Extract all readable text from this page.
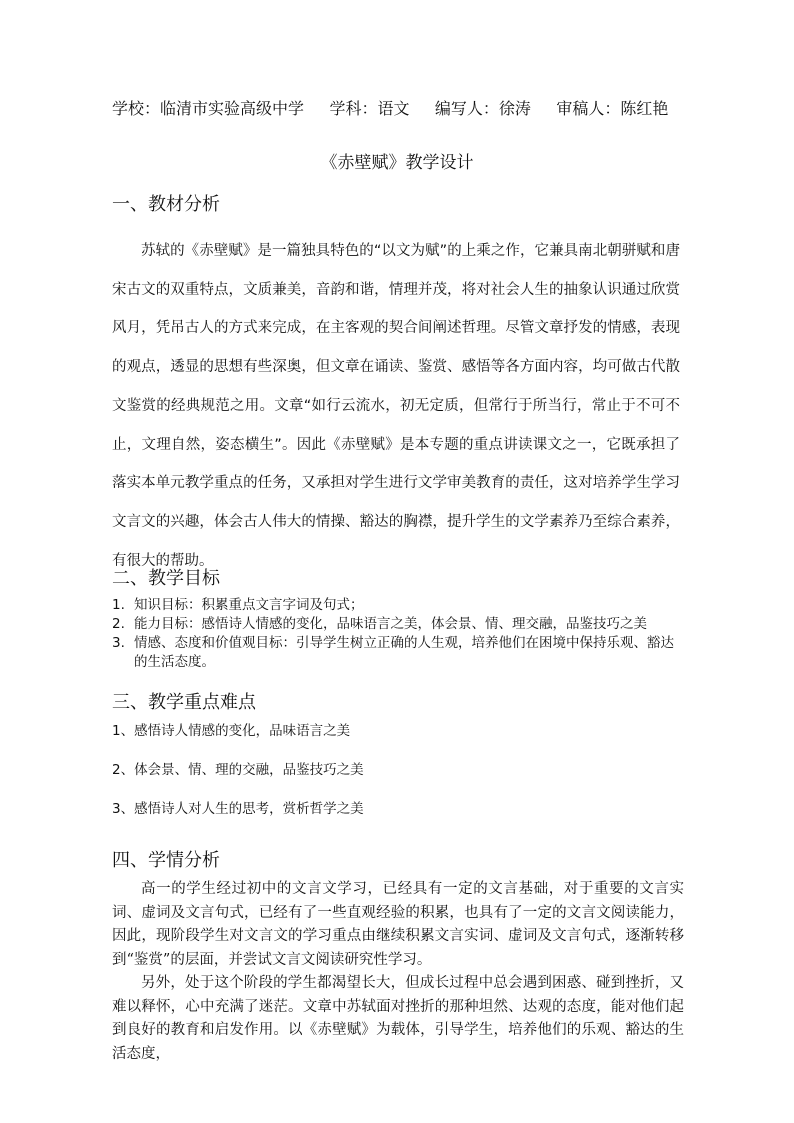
学校：临清市实验高级中学 学科：语文 编写人：徐涛 审稿人：陈红艳
《赤壁赋》教学设计
一、教材分析
苏轼的《赤壁赋》是一篇独具特色的“以文为赋”的上乘之作，它兼具南北朝骈赋和唐宋古文的双重特点，文质兼美，音韵和谐，情理并茂，将对社会人生的抽象认识通过欣赏风月，凭吊古人的方式来完成，在主客观的契合间阐述哲理。尽管文章抒发的情感，表现的观点，透显的思想有些深奥，但文章在诵读、鉴赏、感悟等各方面内容，均可做古代散文鉴赏的经典规范之用。文章“如行云流水，初无定质，但常行于所当行，常止于不可不止，文理自然，姿态横生”。因此《赤壁赋》是本专题的重点讲读课文之一，它既承担了落实本单元教学重点的任务，又承担对学生进行文学审美教育的责任，这对培养学生学习文言文的兴趣，体会古人伟大的情操、豁达的胸襟，提升学生的文学素养乃至综合素养，有很大的帮助。
二、教学目标
1. 知识目标：积累重点文言字词及句式；
2. 能力目标：感悟诗人情感的变化，品味语言之美，体会景、情、理交融，品鉴技巧之美
3. 情感、态度和价值观目标：引导学生树立正确的人生观，培养他们在困境中保持乐观、豁达的生活态度。
三、教学重点难点
1、感悟诗人情感的变化，品味语言之美
2、体会景、情、理的交融，品鉴技巧之美
3、感悟诗人对人生的思考，赏析哲学之美
四、学情分析

高一的学生经过初中的文言文学习，已经具有一定的文言基础，对于重要的文言实词、虚词及文言句式，已经有了一些直观经验的积累，也具有了一定的文言文阅读能力，因此，现阶段学生对文言文的学习重点由继续积累文言实词、虚词及文言句式，逐渐转移到“鉴赏”的层面，并尝试文言文阅读研究性学习。

另外，处于这个阶段的学生都渴望长大，但成长过程中总会遇到困惑、碰到挫折，又难以释怀，心中充满了迷茫。文章中苏轼面对挫折的那种坦然、达观的态度，能对他们起到良好的教育和启发作用。以《赤壁赋》为载体，引导学生，培养他们的乐观、豁达的生活态度，
